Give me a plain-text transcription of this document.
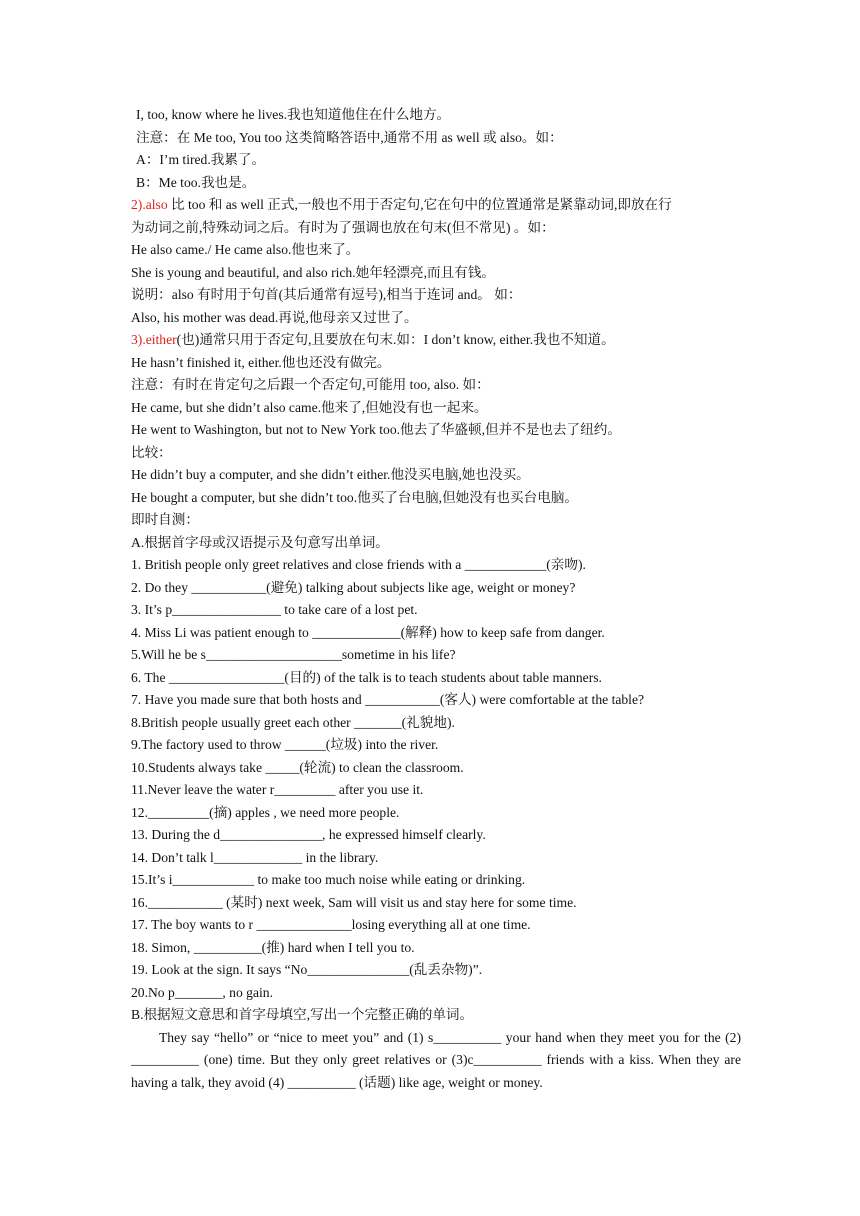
I, too, know where he lives.我也知道他住在什么地方。
注意：在 Me too, You too 这类简略答语中,通常不用 as well 或 also。如：
A：I’m tired.我累了。
B：Me too.我也是。
2).also 比 too 和 as well 正式,一般也不用于否定句,它在句中的位置通常是紧靠动词,即放在行
为动词之前,特殊动词之后。有时为了强调也放在句末(但不常见) 。如：
He also came./ He came also.他也来了。
She is young and beautiful, and also rich.她年轻漂亮,而且有钱。
说明：also 有时用于句首(其后通常有逗号),相当于连词 and。 如：
Also, his mother was dead.再说,他母亲又过世了。
3).either(也)通常只用于否定句,且要放在句末.如：I don’t know, either.我也不知道。
He hasn’t finished it, either.他也还没有做完。
注意：有时在肯定句之后跟一个否定句,可能用 too, also. 如：
He came, but she didn’t also came.他来了,但她没有也一起来。
He went to Washington, but not to New York too.他去了华盛顿,但并不是也去了纽约。
比较：
He didn’t buy a computer, and she didn’t either.他没买电脑,她也没买。
He bought a computer, but she didn’t too.他买了台电脑,但她没有也买台电脑。
即时自测：
A.根据首字母或汉语提示及句意写出单词。
1. British people only greet relatives and close friends with a ____________(亲吻).
2. Do they ___________(避免) talking about subjects like age, weight or money?
3. It’s p________________ to take care of a lost pet.
4. Miss Li was patient enough to _____________(解释) how to keep safe from danger.
5.Will he be s____________________sometime in his life?
6. The _________________(目的) of the talk is to teach students about table manners.
7. Have you made sure that both hosts and ___________(客人) were comfortable at the table?
8.British people usually greet each other _______(礼貌地).
9.The factory used to throw ______(垃圾) into the river.
10.Students always take _____(轮流) to clean the classroom.
11.Never leave the water r_________ after you use it.
12._________(摘) apples , we need more people.
13. During the d_______________, he expressed himself clearly.
14. Don’t talk l_____________ in the library.
15.It’s i____________ to make too much noise while eating or drinking.
16.___________ (某时) next week, Sam will visit us and stay here for some time.
17. The boy wants to r ______________losing everything all at one time.
18. Simon, __________(推) hard when I tell you to.
19. Look at the sign. It says “No_______________(乱丢杂物)”.
20.No p_______, no gain.
B.根据短文意思和首字母填空,写出一个完整正确的单词。
They say “hello” or “nice to meet you” and (1) s__________ your hand when they meet you for the (2) __________ (one) time. But they only greet relatives or (3)c__________ friends with a kiss. When they are having a talk, they avoid (4) __________ (话题) like age, weight or money.
